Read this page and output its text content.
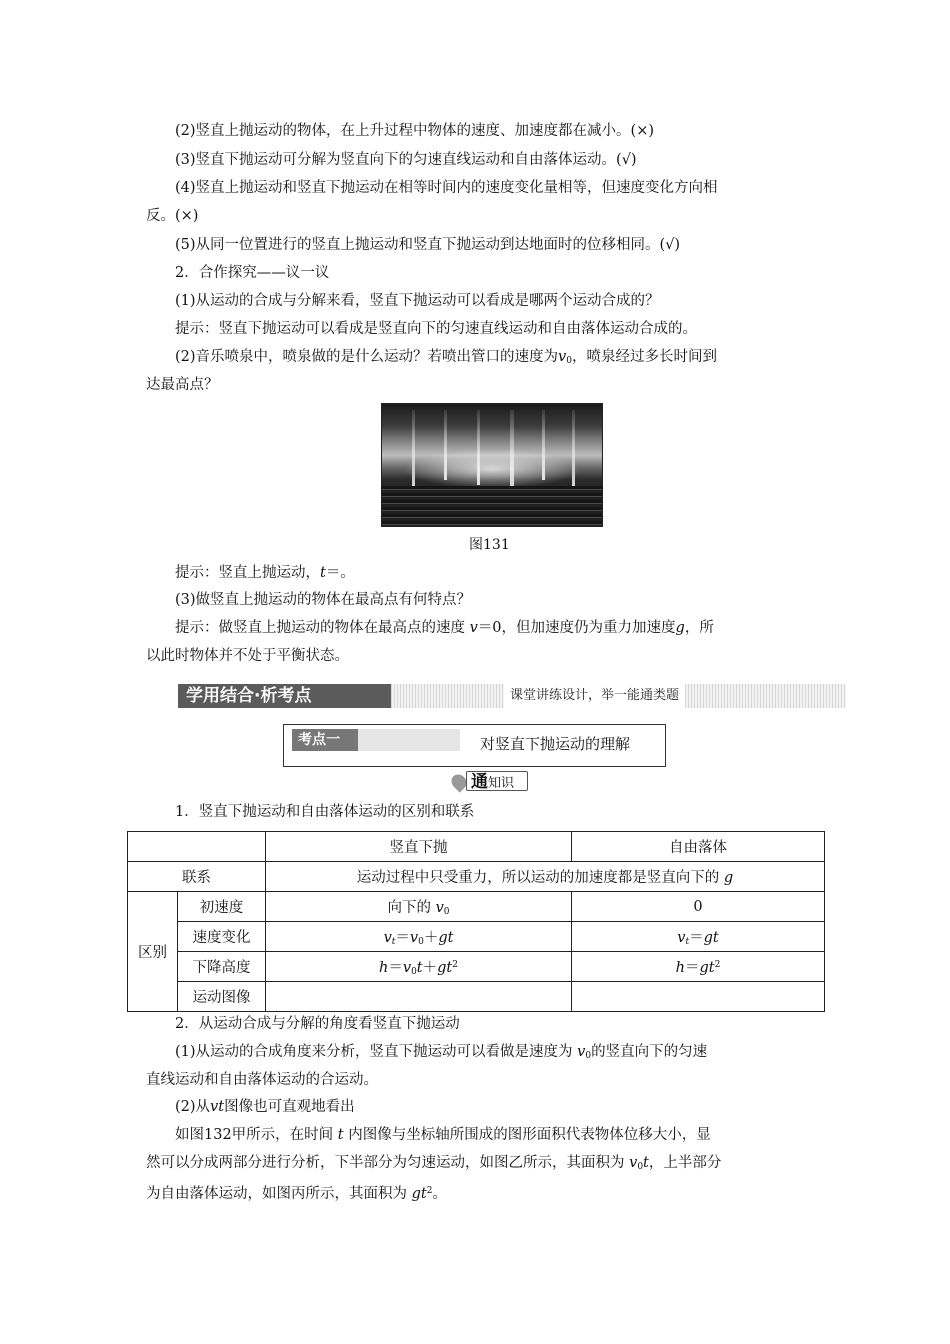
(2)竖直上抛运动的物体，在上升过程中物体的速度、加速度都在减小。(×)
(3)竖直下抛运动可分解为竖直向下的匀速直线运动和自由落体运动。(√)
(4)竖直上抛运动和竖直下抛运动在相等时间内的速度变化量相等，但速度变化方向相
反。(×)
(5)从同一位置进行的竖直上抛运动和竖直下抛运动到达地面时的位移相同。(√)
2．合作探究——议一议
(1)从运动的合成与分解来看，竖直下抛运动可以看成是哪两个运动合成的？
提示：竖直下抛运动可以看成是竖直向下的匀速直线运动和自由落体运动合成的。
(2)音乐喷泉中，喷泉做的是什么运动？若喷出管口的速度为$v_0$，喷泉经过多长时间到
达最高点？
图131
提示：竖直上抛运动，t＝。
(3)做竖直上抛运动的物体在最高点有何特点？
提示：做竖直上抛运动的物体在最高点的速度 v＝0，但加速度仍为重力加速度g，所
以此时物体并不处于平衡状态。
学用结合·析考点	课堂讲练设计，举一能通类题
考点一	对竖直下抛运动的理解
通知识
1．竖直下抛运动和自由落体运动的区别和联系
		竖直下抛	自由落体
联系		运动过程中只受重力，所以运动的加速度都是竖直向下的 g	
区别	初速度	向下的 $v_0$	0
	速度变化	$v_t=v_0+gt$	$v_t=gt$
	下降高度	$h=v_0t+gt^2$	$h=gt^2$
	运动图像		
2．从运动合成与分解的角度看竖直下抛运动
(1)从运动的合成角度来分析，竖直下抛运动可以看做是速度为 $v_0$的竖直向下的匀速
直线运动和自由落体运动的合运动。
(2)从vt图像也可直观地看出
如图132甲所示，在时间 t 内图像与坐标轴所围成的图形面积代表物体位移大小，显
然可以分成两部分进行分析，下半部分为匀速运动，如图乙所示，其面积为 $v_0t$，上半部分
为自由落体运动，如图丙所示，其面积为 $gt^2$。
